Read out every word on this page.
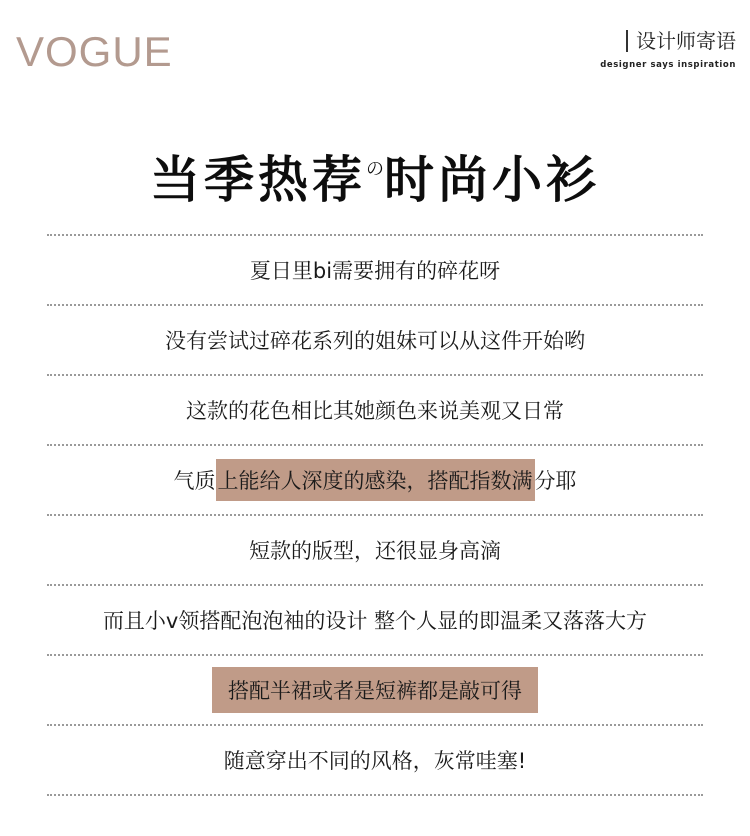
VOGUE	设计师寄语
designer says inspiration
当季热荐$^の$时尚小衫
夏日里bi需要拥有的碎花呀
没有尝试过碎花系列的姐妹可以从这件开始哟
这款的花色相比其她颜色来说美观又日常
气质 上能给人深度的感染，搭配指数满 分耶
短款的版型，还很显身高滴
而且小v领搭配泡泡袖的设计 整个人显的即温柔又落落大方
搭配半裙或者是短裤都是敲可得
随意穿出不同的风格，灰常哇塞!
